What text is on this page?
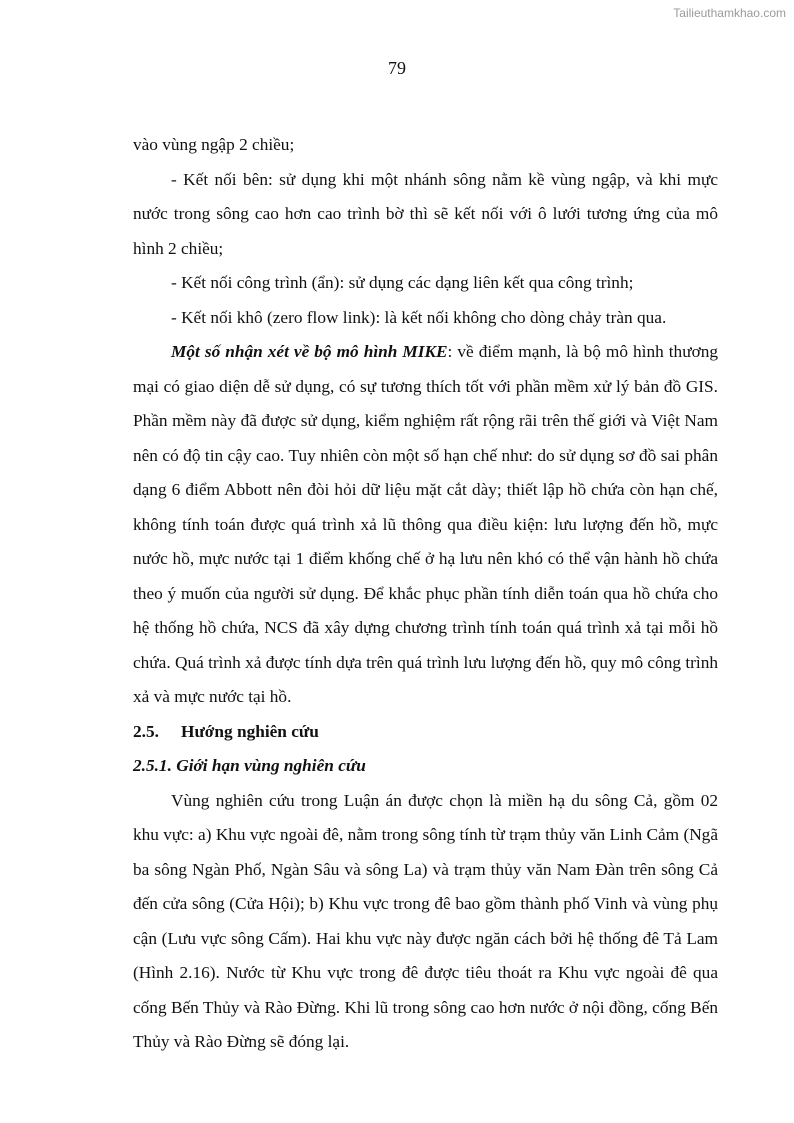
Tailieuthamkhao.com
79

vào vùng ngập 2 chiều;

- Kết nối bên: sử dụng khi một nhánh sông nằm kề vùng ngập, và khi mực nước trong sông cao hơn cao trình bờ thì sẽ kết nối với ô lưới tương ứng của mô hình 2 chiều;

- Kết nối công trình (ẩn): sử dụng các dạng liên kết qua công trình;

- Kết nối khô (zero flow link): là kết nối không cho dòng chảy tràn qua.

Một số nhận xét về bộ mô hình MIKE: về điểm mạnh, là bộ mô hình thương mại có giao diện dễ sử dụng, có sự tương thích tốt với phần mềm xử lý bản đồ GIS. Phần mềm này đã được sử dụng, kiểm nghiệm rất rộng rãi trên thế giới và Việt Nam nên có độ tin cậy cao. Tuy nhiên còn một số hạn chế như: do sử dụng sơ đồ sai phân dạng 6 điểm Abbott nên đòi hỏi dữ liệu mặt cắt dày; thiết lập hồ chứa còn hạn chế, không tính toán được quá trình xả lũ thông qua điều kiện: lưu lượng đến hồ, mực nước hồ, mực nước tại 1 điểm khống chế ở hạ lưu nên khó có thể vận hành hồ chứa theo ý muốn của người sử dụng. Để khắc phục phần tính diễn toán qua hồ chứa cho hệ thống hồ chứa, NCS đã xây dựng chương trình tính toán quá trình xả tại mỗi hồ chứa. Quá trình xả được tính dựa trên quá trình lưu lượng đến hồ, quy mô công trình xả và mực nước tại hồ.

2.5.	Hướng nghiên cứu
2.5.1. Giới hạn vùng nghiên cứu

Vùng nghiên cứu trong Luận án được chọn là miền hạ du sông Cả, gồm 02 khu vực: a) Khu vực ngoài đê, nằm trong sông tính từ trạm thủy văn Linh Cảm (Ngã ba sông Ngàn Phố, Ngàn Sâu và sông La) và trạm thủy văn Nam Đàn trên sông Cả đến cửa sông (Cửa Hội); b) Khu vực trong đê bao gồm thành phố Vinh và vùng phụ cận (Lưu vực sông Cấm). Hai khu vực này được ngăn cách bởi hệ thống đê Tả Lam (Hình 2.16). Nước từ Khu vực trong đê được tiêu thoát ra Khu vực ngoài đê qua cống Bến Thủy và Rào Đừng. Khi lũ trong sông cao hơn nước ở nội đồng, cống Bến Thủy và Rào Đừng sẽ đóng lại.
